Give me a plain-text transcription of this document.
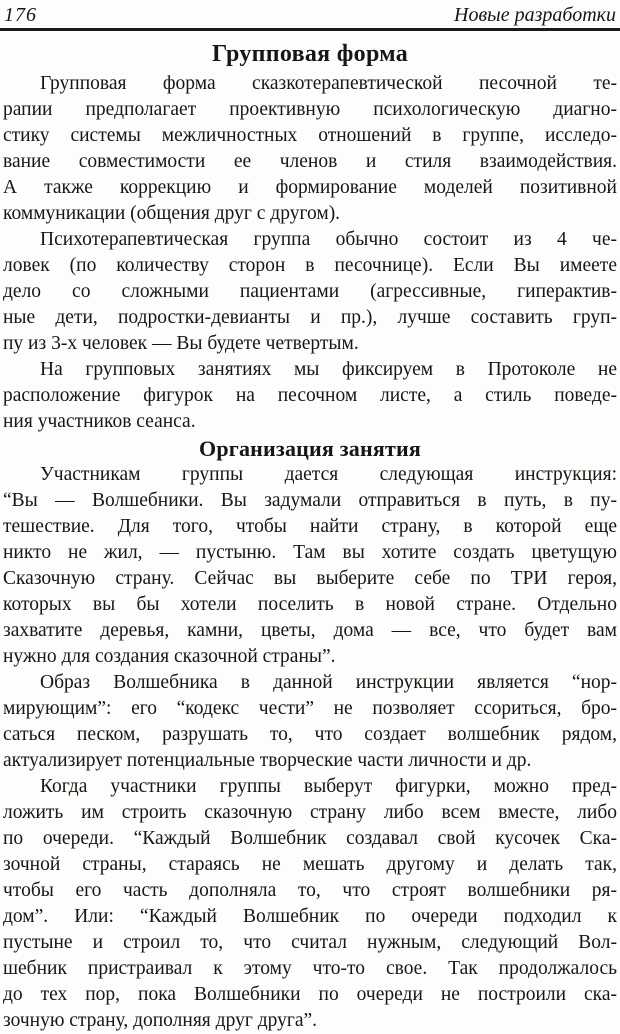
176	Новые разработки
Групповая форма
Групповая форма сказкотерапевтической песочной те-
рапии предполагает проективную психологическую диагно-
стику системы межличностных отношений в группе, исследо-
вание совместимости ее членов и стиля взаимодействия.
А также коррекцию и формирование моделей позитивной
коммуникации (общения друг с другом).
Психотерапевтическая группа обычно состоит из 4 че-
ловек (по количеству сторон в песочнице). Если Вы имеете
дело со сложными пациентами (агрессивные, гиперактив-
ные дети, подростки-девианты и пр.), лучше составить груп-
пу из 3-х человек — Вы будете четвертым.
На групповых занятиях мы фиксируем в Протоколе не
расположение фигурок на песочном листе, а стиль поведе-
ния участников сеанса.
Организация занятия
Участникам группы дается следующая инструкция:
“Вы — Волшебники. Вы задумали отправиться в путь, в пу-
тешествие. Для того, чтобы найти страну, в которой еще
никто не жил, — пустыню. Там вы хотите создать цветущую
Сказочную страну. Сейчас вы выберите себе по ТРИ героя,
которых вы бы хотели поселить в новой стране. Отдельно
захватите деревья, камни, цветы, дома — все, что будет вам
нужно для создания сказочной страны”.
Образ Волшебника в данной инструкции является “нор-
мирующим”: его “кодекс чести” не позволяет ссориться, бро-
саться песком, разрушать то, что создает волшебник рядом,
актуализирует потенциальные творческие части личности и др.
Когда участники группы выберут фигурки, можно пред-
ложить им строить сказочную страну либо всем вместе, либо
по очереди. “Каждый Волшебник создавал свой кусочек Ска-
зочной страны, стараясь не мешать другому и делать так,
чтобы его часть дополняла то, что строят волшебники ря-
дом”. Или: “Каждый Волшебник по очереди подходил к
пустыне и строил то, что считал нужным, следующий Вол-
шебник пристраивал к этому что-то свое. Так продолжалось
до тех пор, пока Волшебники по очереди не построили ска-
зочную страну, дополняя друг друга”.
